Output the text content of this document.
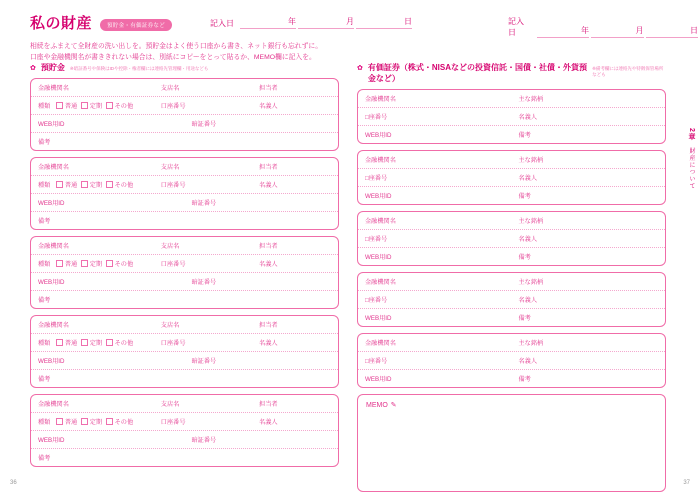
私の財産	預貯金・有価証券など	記入日	年	月	日	記入日	年	月	日
相続をふまえて全財産の洗い出しを。預貯金はよく使う口座から書き、ネット銀行も忘れずに。
口座や金融機関名が書ききれない場合は、別紙にコピーをとって貼るか、MEMO欄に記入を。
✿ 預貯金 ※暗証番号や保険はIDや控除・権者欄には連絡先管理欄・用途なども
金融機関名	支店名	担当者
種類	普通	定期	その他	口座番号	名義人
WEB用ID	暗証番号
備考
金融機関名	支店名	担当者
種類	普通	定期	その他	口座番号	名義人
WEB用ID	暗証番号
備考
金融機関名	支店名	担当者
種類	普通	定期	その他	口座番号	名義人
WEB用ID	暗証番号
備考
金融機関名	支店名	担当者
種類	普通	定期	その他	口座番号	名義人
WEB用ID	暗証番号
備考
金融機関名	支店名	担当者
種類	普通	定期	その他	口座番号	名義人
WEB用ID	暗証番号
備考
✿ 有価証券（株式・NISAなどの投資信託・国債・社債・外貨預金など）
※備考欄には連絡先や特徴保管場所なども
金融機関名	主な銘柄
□座番号	名義人
WEB用ID	備考
金融機関名	主な銘柄
□座番号	名義人
WEB用ID	備考
金融機関名	主な銘柄
□座番号	名義人
WEB用ID	備考
金融機関名	主な銘柄
□座番号	名義人
WEB用ID	備考
金融機関名	主な銘柄
□座番号	名義人
WEB用ID	備考
MEMO ✎
2章 財産について
36	37
